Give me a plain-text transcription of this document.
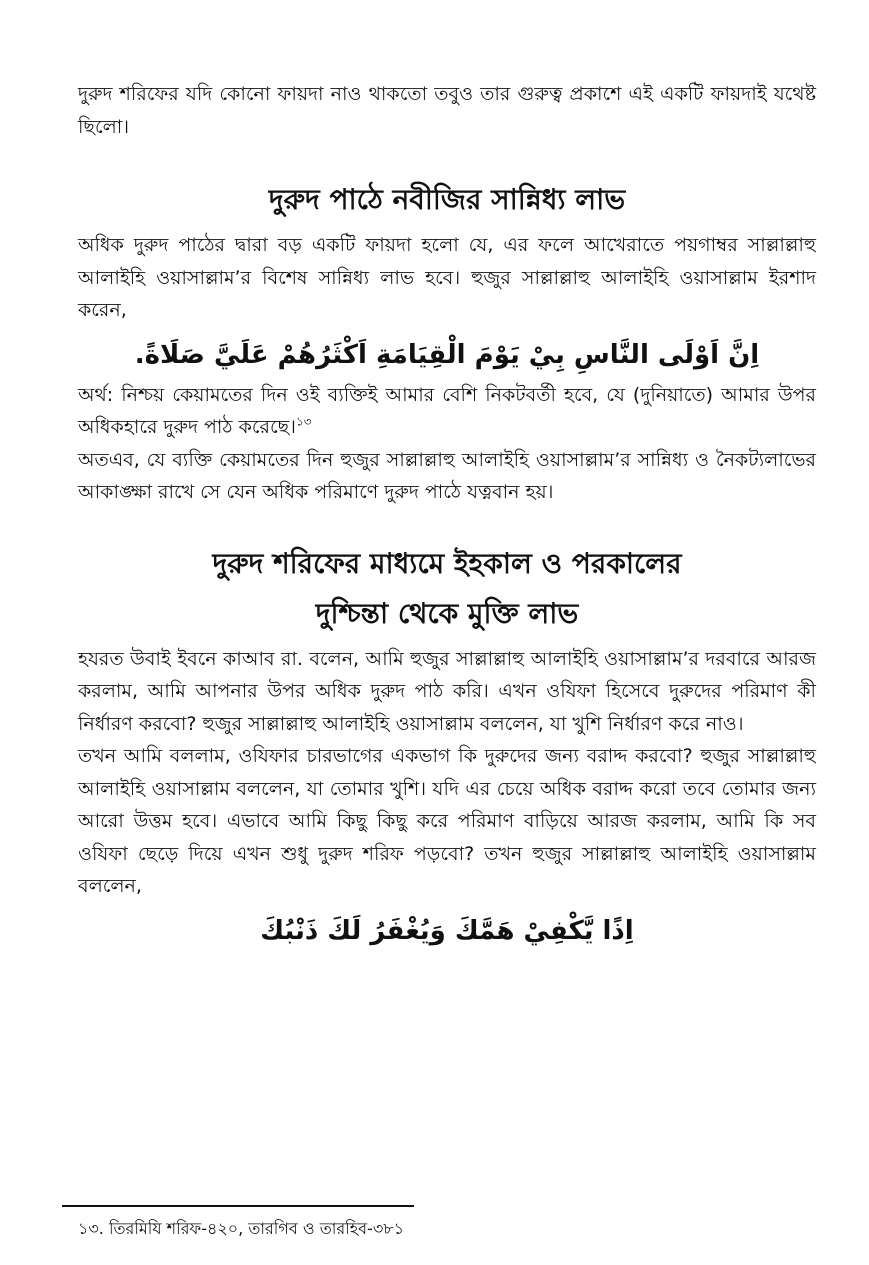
দুরুদ শরিফের যদি কোনো ফায়দা নাও থাকতো তবুও তার গুরুত্ব প্রকাশে এই একটি ফায়দাই যথেষ্ট ছিলো।

দুরুদ পাঠে নবীজির সান্নিধ্য লাভ

অধিক দুরুদ পাঠের দ্বারা বড় একটি ফায়দা হলো যে, এর ফলে আখেরাতে পয়গাম্বর সাল্লাল্লাহু আলাইহি ওয়াসাল্লাম’র বিশেষ সান্নিধ্য লাভ হবে। হুজুর সাল্লাল্লাহু আলাইহি ওয়াসাল্লাম ইরশাদ করেন,

اِنَّ اَوْلَى النَّاسِ بِيْ يَوْمَ الْقِيَامَةِ اَكْثَرُهُمْ عَلَيَّ صَلَاةً.

অর্থ: নিশ্চয় কেয়ামতের দিন ওই ব্যক্তিই আমার বেশি নিকটবর্তী হবে, যে (দুনিয়াতে) আমার উপর অধিকহারে দুরুদ পাঠ করেছে।$^{১৩}$

অতএব, যে ব্যক্তি কেয়ামতের দিন হুজুর সাল্লাল্লাহু আলাইহি ওয়াসাল্লাম’র সান্নিধ্য ও নৈকট্যলাভের আকাঙ্ক্ষা রাখে সে যেন অধিক পরিমাণে দুরুদ পাঠে যত্নবান হয়।

দুরুদ শরিফের মাধ্যমে ইহকাল ও পরকালের
দুশ্চিন্তা থেকে মুক্তি লাভ

হযরত উবাই ইবনে কাআব রা. বলেন, আমি হুজুর সাল্লাল্লাহু আলাইহি ওয়াসাল্লাম’র দরবারে আরজ করলাম, আমি আপনার উপর অধিক দুরুদ পাঠ করি। এখন ওযিফা হিসেবে দুরুদের পরিমাণ কী নির্ধারণ করবো? হুজুর সাল্লাল্লাহু আলাইহি ওয়াসাল্লাম বললেন, যা খুশি নির্ধারণ করে নাও।

তখন আমি বললাম, ওযিফার চারভাগের একভাগ কি দুরুদের জন্য বরাদ্দ করবো? হুজুর সাল্লাল্লাহু আলাইহি ওয়াসাল্লাম বললেন, যা তোমার খুশি। যদি এর চেয়ে অধিক বরাদ্দ করো তবে তোমার জন্য আরো উত্তম হবে। এভাবে আমি কিছু কিছু করে পরিমাণ বাড়িয়ে আরজ করলাম, আমি কি সব ওযিফা ছেড়ে দিয়ে এখন শুধু দুরুদ শরিফ পড়বো? তখন হুজুর সাল্লাল্লাহু আলাইহি ওয়াসাল্লাম বললেন,

اِذًا يَّكْفِيْ هَمَّكَ وَيُغْفَرُ لَكَ ذَنْبُكَ
১৩. তিরমিযি শরিফ-৪২০, তারগিব ও তারহিব-৩৮১
